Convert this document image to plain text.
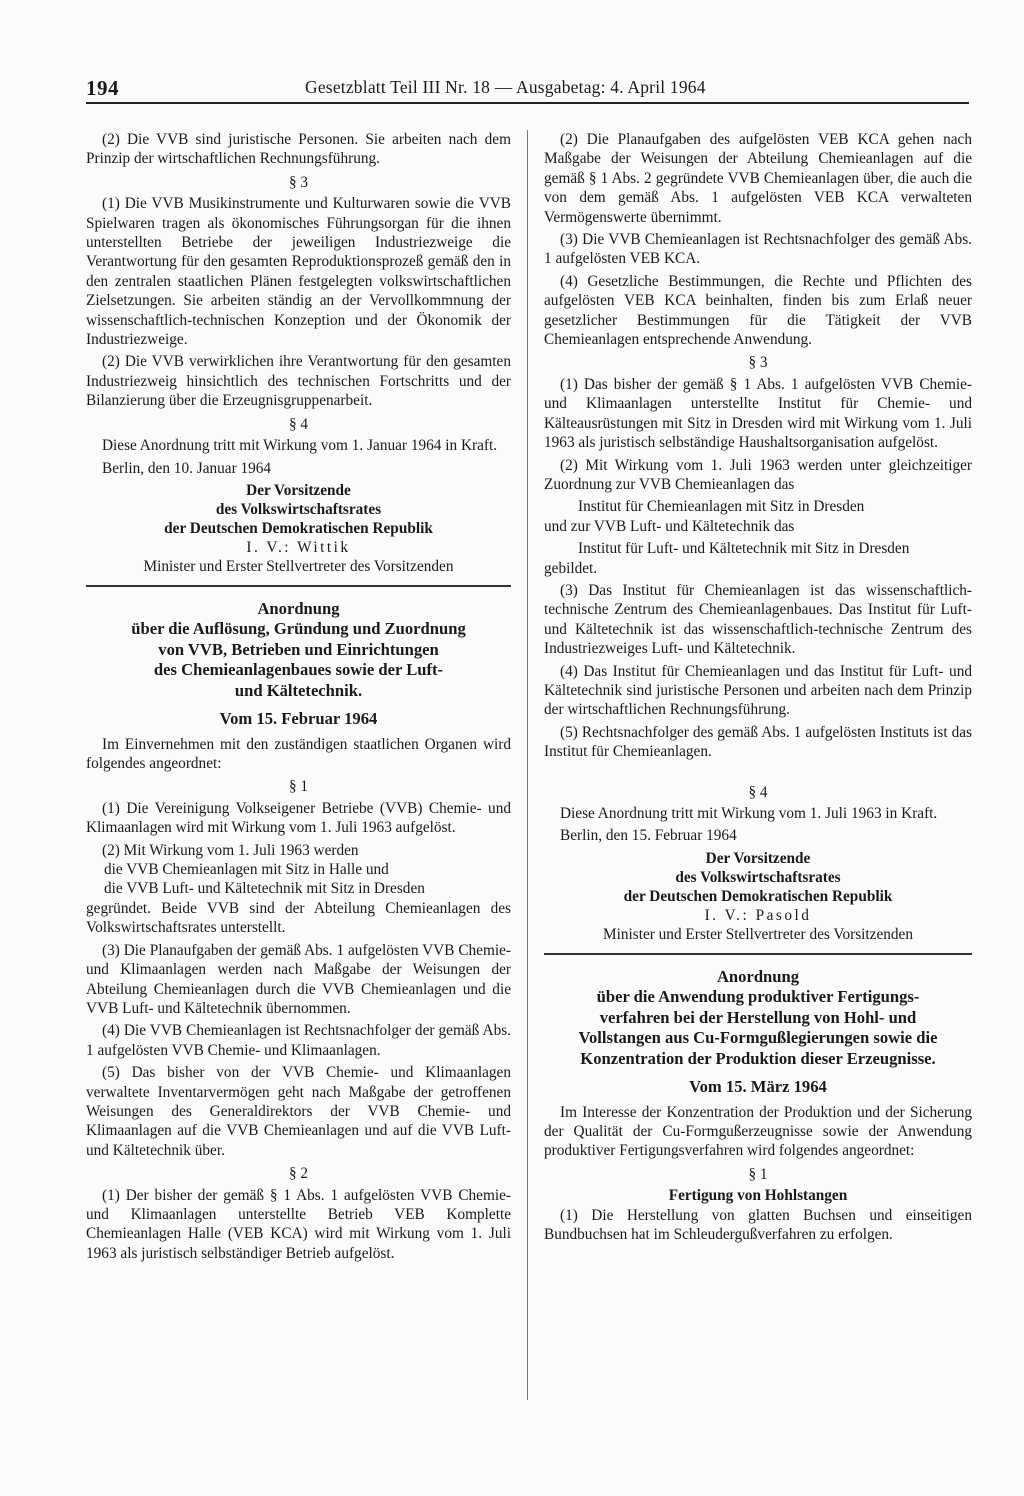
194	Gesetzblatt Teil III Nr. 18 — Ausgabetag: 4. April 1964

(2) Die VVB sind juristische Personen. Sie arbeiten nach dem Prinzip der wirtschaftlichen Rechnungsführung.

§ 3

(1) Die VVB Musikinstrumente und Kulturwaren sowie die VVB Spielwaren tragen als ökonomisches Führungsorgan für die ihnen unterstellten Betriebe der jeweiligen Industriezweige die Verantwortung für den gesamten Reproduktionsprozeß gemäß den in den zentralen staatlichen Plänen festgelegten volkswirtschaftlichen Zielsetzungen. Sie arbeiten ständig an der Vervollkommnung der wissenschaftlich-technischen Konzeption und der Ökonomik der Industriezweige.

(2) Die VVB verwirklichen ihre Verantwortung für den gesamten Industriezweig hinsichtlich des technischen Fortschritts und der Bilanzierung über die Erzeugnisgruppenarbeit.

§ 4

Diese Anordnung tritt mit Wirkung vom 1. Januar 1964 in Kraft.

Berlin, den 10. Januar 1964

Der Vorsitzende

des Volkswirtschaftsrates

der Deutschen Demokratischen Republik

I. V.: Wittik

Minister und Erster Stellvertreter des Vorsitzenden

Anordnung

über die Auflösung, Gründung und Zuordnung

von VVB, Betrieben und Einrichtungen

des Chemieanlagenbaues sowie der Luft-

und Kältetechnik.

Vom 15. Februar 1964

Im Einvernehmen mit den zuständigen staatlichen Organen wird folgendes angeordnet:

§ 1

(1) Die Vereinigung Volkseigener Betriebe (VVB) Chemie- und Klimaanlagen wird mit Wirkung vom 1. Juli 1963 aufgelöst.

(2) Mit Wirkung vom 1. Juli 1963 werden

die VVB Chemieanlagen mit Sitz in Halle und

die VVB Luft- und Kältetechnik mit Sitz in Dresden

gegründet. Beide VVB sind der Abteilung Chemieanlagen des Volkswirtschaftsrates unterstellt.

(3) Die Planaufgaben der gemäß Abs. 1 aufgelösten VVB Chemie- und Klimaanlagen werden nach Maßgabe der Weisungen der Abteilung Chemieanlagen durch die VVB Chemieanlagen und die VVB Luft- und Kältetechnik übernommen.

(4) Die VVB Chemieanlagen ist Rechtsnachfolger der gemäß Abs. 1 aufgelösten VVB Chemie- und Klimaanlagen.

(5) Das bisher von der VVB Chemie- und Klimaanlagen verwaltete Inventarvermögen geht nach Maßgabe der getroffenen Weisungen des Generaldirektors der VVB Chemie- und Klimaanlagen auf die VVB Chemieanlagen und auf die VVB Luft- und Kältetechnik über.

§ 2

(1) Der bisher der gemäß § 1 Abs. 1 aufgelösten VVB Chemie- und Klimaanlagen unterstellte Betrieb VEB Komplette Chemieanlagen Halle (VEB KCA) wird mit Wirkung vom 1. Juli 1963 als juristisch selbständiger Betrieb aufgelöst.

(2) Die Planaufgaben des aufgelösten VEB KCA gehen nach Maßgabe der Weisungen der Abteilung Chemieanlagen auf die gemäß § 1 Abs. 2 gegründete VVB Chemieanlagen über, die auch die von dem gemäß Abs. 1 aufgelösten VEB KCA verwalteten Vermögenswerte übernimmt.

(3) Die VVB Chemieanlagen ist Rechtsnachfolger des gemäß Abs. 1 aufgelösten VEB KCA.

(4) Gesetzliche Bestimmungen, die Rechte und Pflichten des aufgelösten VEB KCA beinhalten, finden bis zum Erlaß neuer gesetzlicher Bestimmungen für die Tätigkeit der VVB Chemieanlagen entsprechende Anwendung.

§ 3

(1) Das bisher der gemäß § 1 Abs. 1 aufgelösten VVB Chemie- und Klimaanlagen unterstellte Institut für Chemie- und Kälteausrüstungen mit Sitz in Dresden wird mit Wirkung vom 1. Juli 1963 als juristisch selbständige Haushaltsorganisation aufgelöst.

(2) Mit Wirkung vom 1. Juli 1963 werden unter gleichzeitiger Zuordnung zur VVB Chemieanlagen das

Institut für Chemieanlagen mit Sitz in Dresden

und zur VVB Luft- und Kältetechnik das

Institut für Luft- und Kältetechnik mit Sitz in Dresden

gebildet.

(3) Das Institut für Chemieanlagen ist das wissenschaftlich-technische Zentrum des Chemieanlagenbaues. Das Institut für Luft- und Kältetechnik ist das wissenschaftlich-technische Zentrum des Industriezweiges Luft- und Kältetechnik.

(4) Das Institut für Chemieanlagen und das Institut für Luft- und Kältetechnik sind juristische Personen und arbeiten nach dem Prinzip der wirtschaftlichen Rechnungsführung.

(5) Rechtsnachfolger des gemäß Abs. 1 aufgelösten Instituts ist das Institut für Chemieanlagen.

§ 4

Diese Anordnung tritt mit Wirkung vom 1. Juli 1963 in Kraft.

Berlin, den 15. Februar 1964

Der Vorsitzende

des Volkswirtschaftsrates

der Deutschen Demokratischen Republik

I. V.: Pasold

Minister und Erster Stellvertreter des Vorsitzenden

Anordnung

über die Anwendung produktiver Fertigungs-

verfahren bei der Herstellung von Hohl- und

Vollstangen aus Cu-Formgußlegierungen sowie die

Konzentration der Produktion dieser Erzeugnisse.

Vom 15. März 1964

Im Interesse der Konzentration der Produktion und der Sicherung der Qualität der Cu-Formgußerzeugnisse sowie der Anwendung produktiver Fertigungsverfahren wird folgendes angeordnet:

§ 1

Fertigung von Hohlstangen

(1) Die Herstellung von glatten Buchsen und einseitigen Bundbuchsen hat im Schleudergußverfahren zu erfolgen.
